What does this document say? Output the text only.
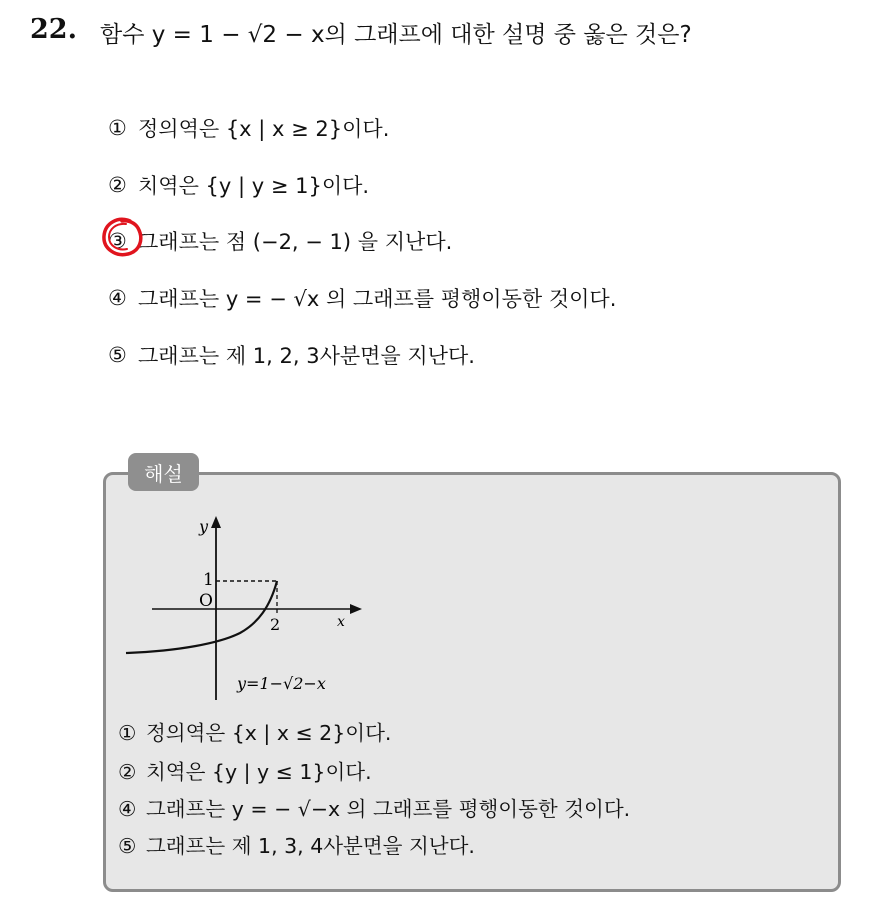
22. 함수 y = 1 − √2 − x의 그래프에 대한 설명 중 옳은 것은?
① 정의역은 {x | x ≥ 2}이다.
② 치역은 {y | y ≥ 1}이다.
③ 그래프는 점 (−2, − 1) 을 지난다.
④ 그래프는 y = − √x 의 그래프를 평행이동한 것이다.
⑤ 그래프는 제 1, 2, 3사분면을 지난다.
해설
y
x
O
1
2
y=1−√2−x
① 정의역은 {x | x ≤ 2}이다.
② 치역은 {y | y ≤ 1}이다.
④ 그래프는 y = − √−x 의 그래프를 평행이동한 것이다.
⑤ 그래프는 제 1, 3, 4사분면을 지난다.
